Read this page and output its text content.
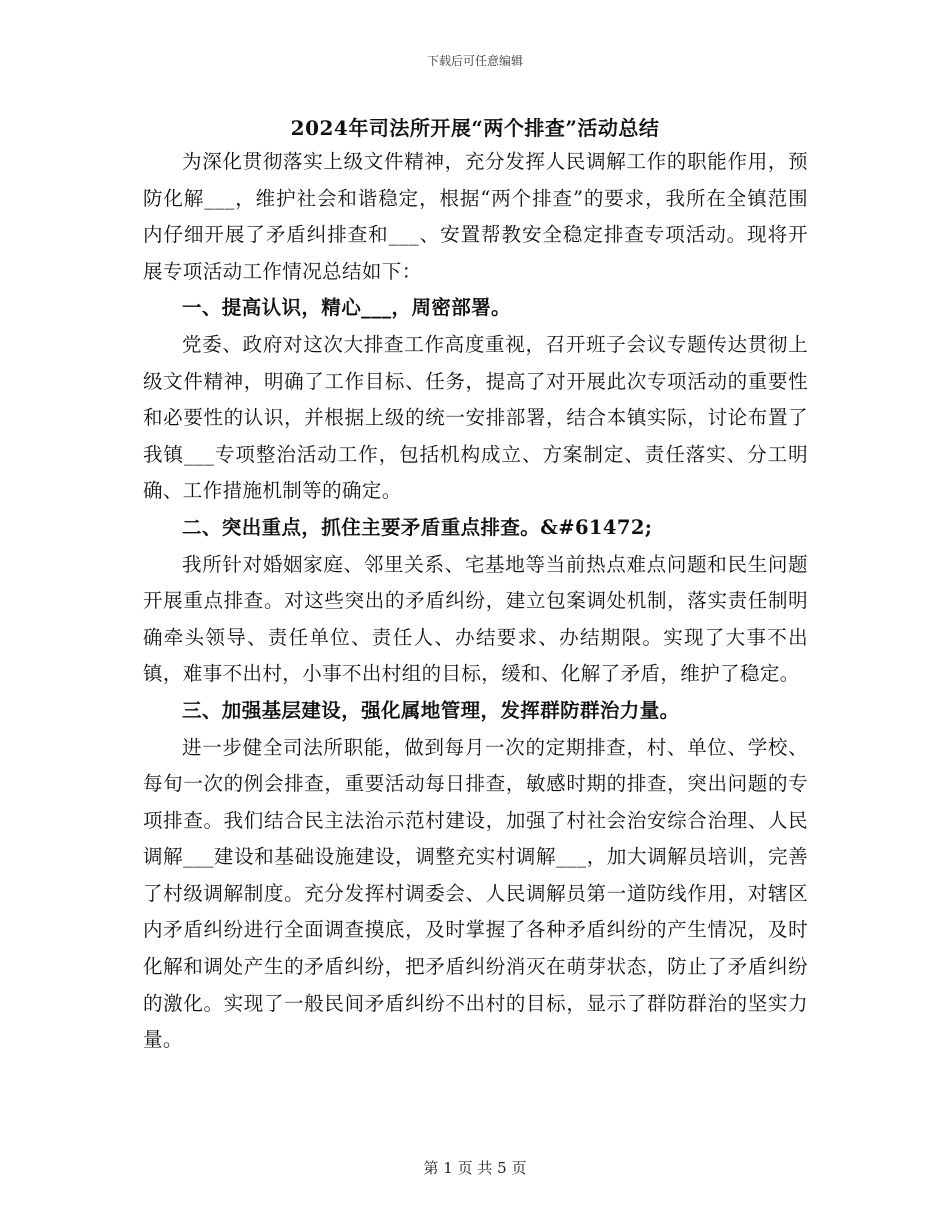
下载后可任意编辑
2024年司法所开展“两个排查”活动总结

为深化贯彻落实上级文件精神，充分发挥人民调解工作的职能作用，预防化解___，维护社会和谐稳定，根据“两个排查”的要求，我所在全镇范围内仔细开展了矛盾纠排查和___、安置帮教安全稳定排查专项活动。现将开展专项活动工作情况总结如下：

一、提高认识，精心___，周密部署。

党委、政府对这次大排查工作高度重视，召开班子会议专题传达贯彻上级文件精神，明确了工作目标、任务，提高了对开展此次专项活动的重要性和必要性的认识，并根据上级的统一安排部署，结合本镇实际，讨论布置了我镇___专项整治活动工作，包括机构成立、方案制定、责任落实、分工明确、工作措施机制等的确定。

二、突出重点，抓住主要矛盾重点排查。&#61472;

我所针对婚姻家庭、邻里关系、宅基地等当前热点难点问题和民生问题开展重点排查。对这些突出的矛盾纠纷，建立包案调处机制，落实责任制明确牵头领导、责任单位、责任人、办结要求、办结期限。实现了大事不出镇，难事不出村，小事不出村组的目标，缓和、化解了矛盾，维护了稳定。

三、加强基层建设，强化属地管理，发挥群防群治力量。

进一步健全司法所职能，做到每月一次的定期排查，村、单位、学校、每旬一次的例会排查，重要活动每日排查，敏感时期的排查，突出问题的专项排查。我们结合民主法治示范村建设，加强了村社会治安综合治理、人民调解___建设和基础设施建设，调整充实村调解___，加大调解员培训，完善了村级调解制度。充分发挥村调委会、人民调解员第一道防线作用，对辖区内矛盾纠纷进行全面调查摸底，及时掌握了各种矛盾纠纷的产生情况，及时化解和调处产生的矛盾纠纷，把矛盾纠纷消灭在萌芽状态，防止了矛盾纠纷的激化。实现了一般民间矛盾纠纷不出村的目标，显示了群防群治的坚实力量。

第 1 页 共 5 页
